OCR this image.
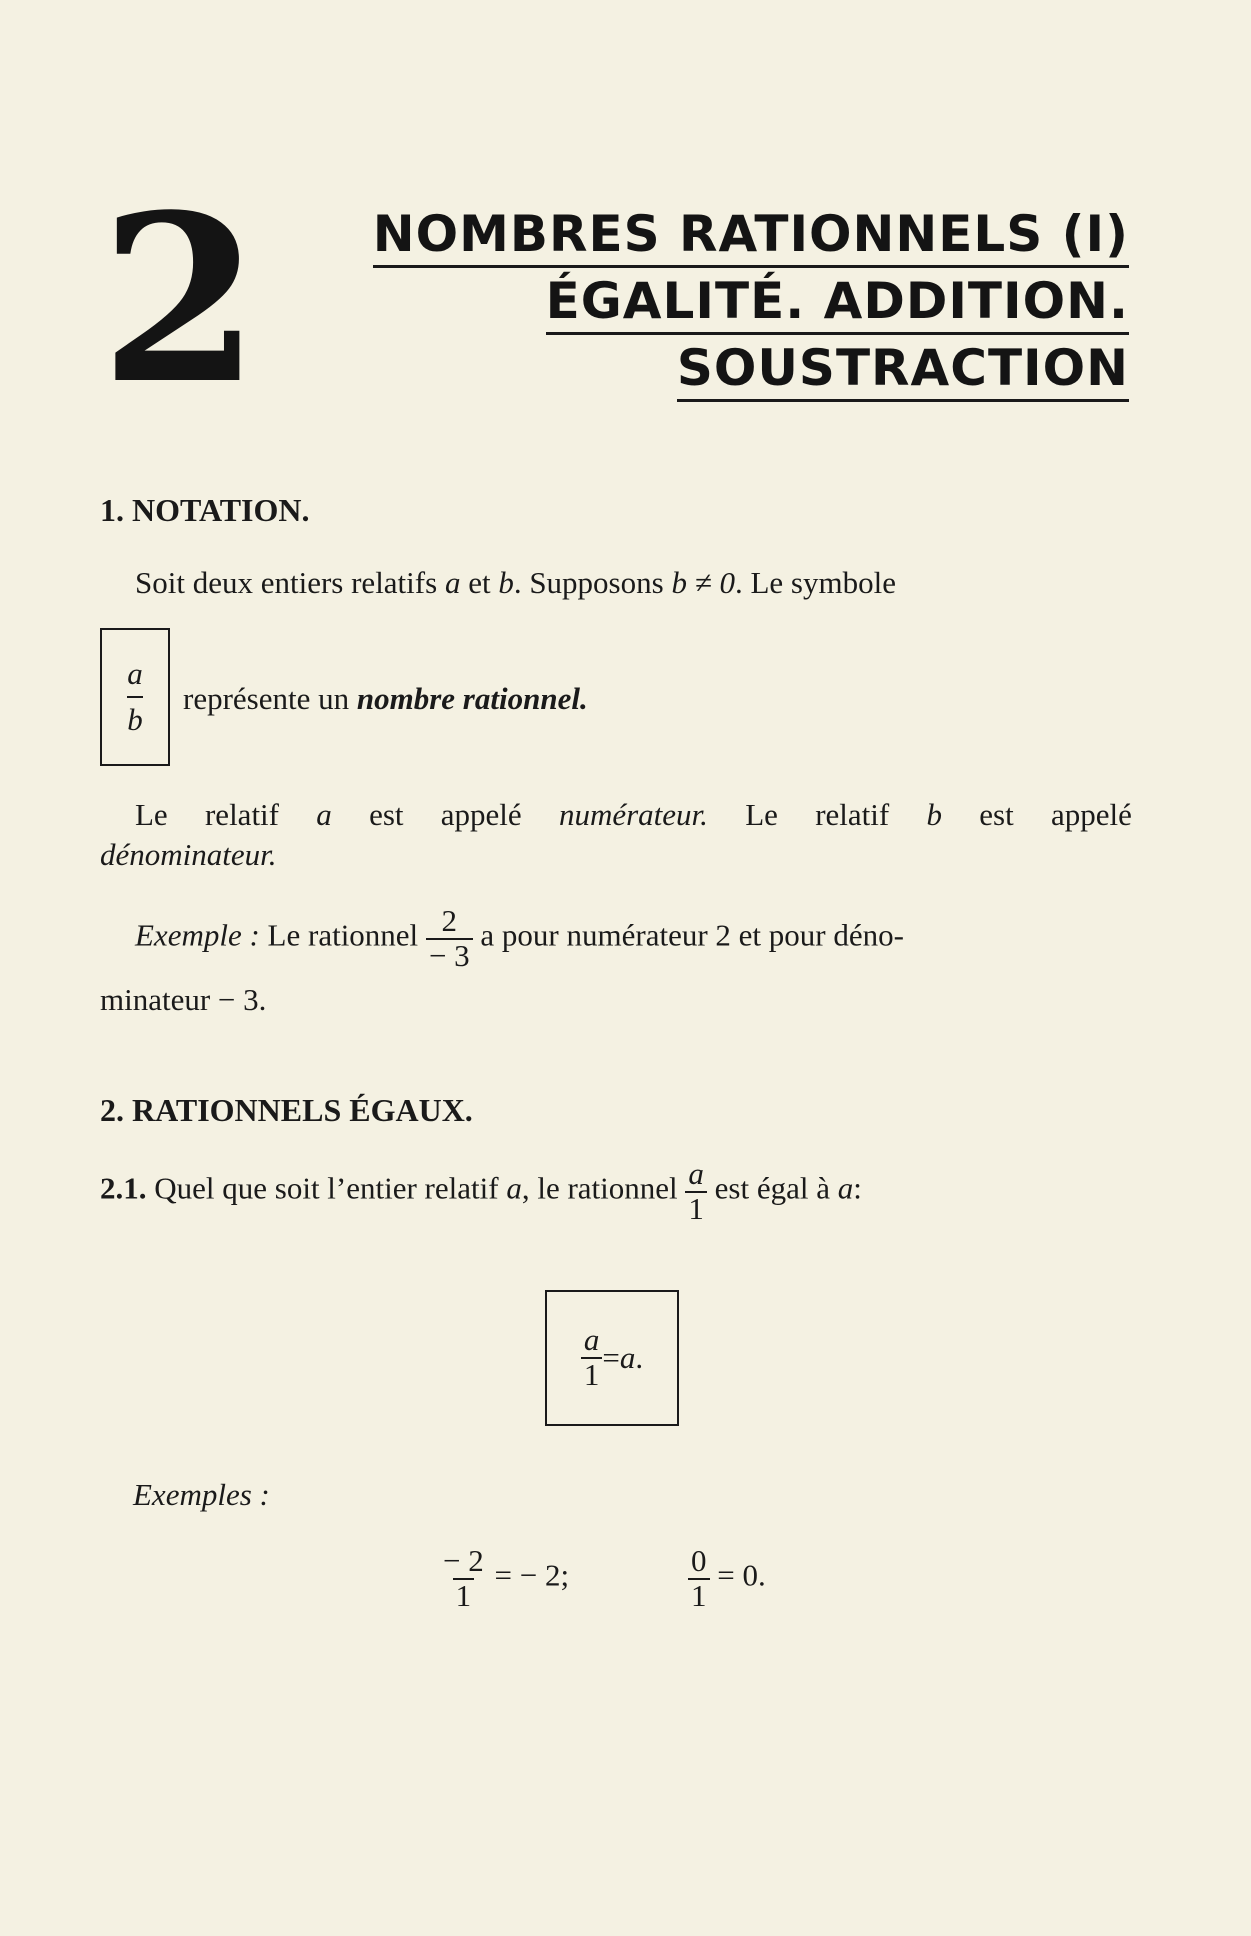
2 NOMBRES RATIONNELS (I)
ÉGALITÉ. ADDITION.
SOUSTRACTION
1. NOTATION.
Soit deux entiers relatifs a et b. Supposons b ≠ 0. Le symbole
$\frac{a}{b}$ représente un nombre rationnel.
Le relatif a est appelé numérateur. Le relatif b est appelé
dénominateur.
Exemple : Le rationnel $\frac{2}{- 3}$ a pour numérateur 2 et pour déno-
minateur − 3.
2. RATIONNELS ÉGAUX.
2.1. Quel que soit l’entier relatif a, le rationnel $\frac{a}{1}$ est égal à a:
$\frac{a}{1} = a$ .
Exemples :
$\frac{- 2}{1}$ = − 2;	$\frac{0}{1} = 0$.
